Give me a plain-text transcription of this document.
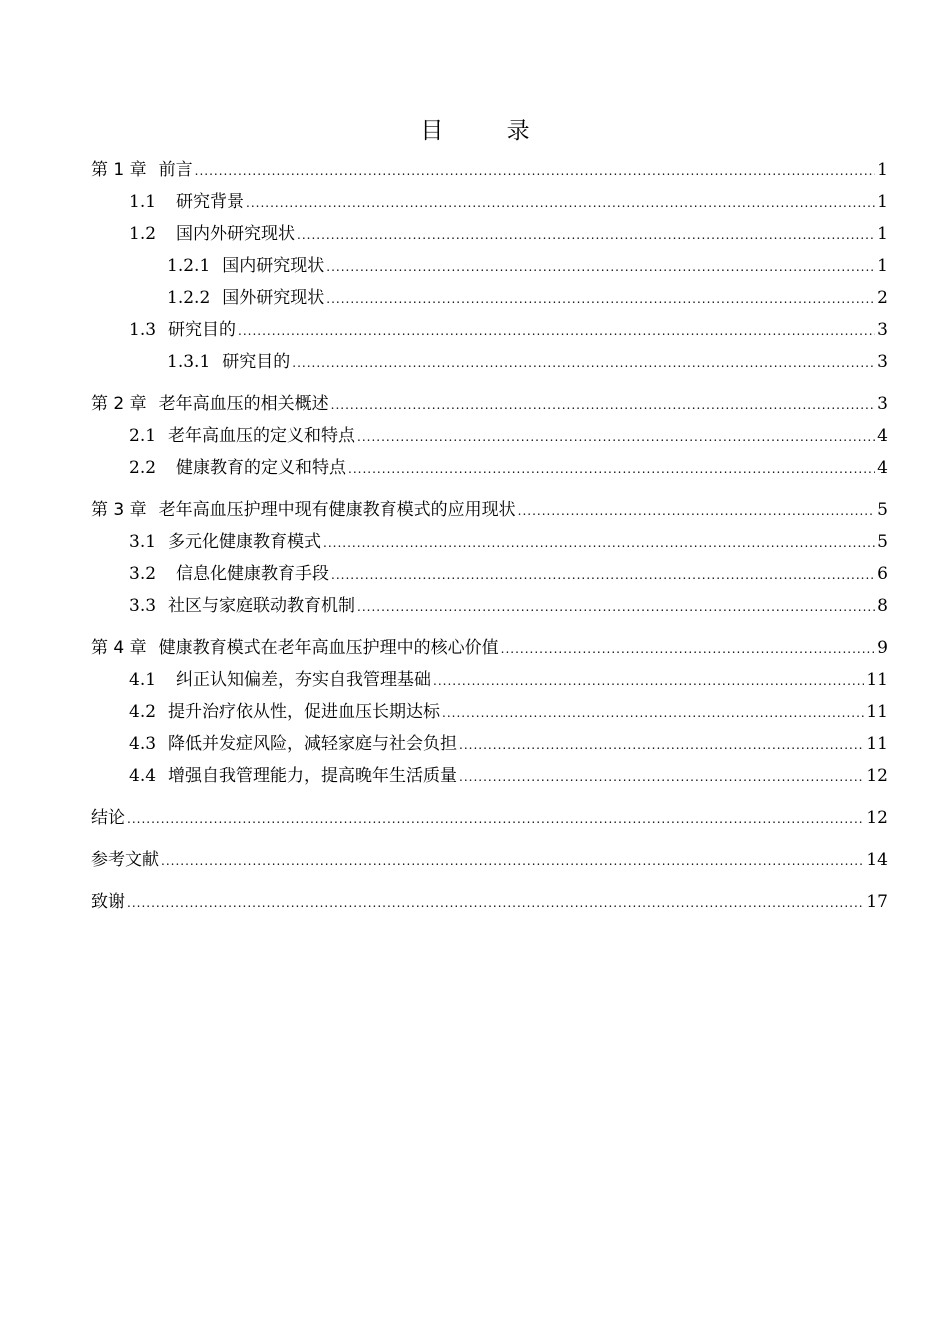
目 录
第 1 章 前言 .....	1
1.1 研究背景 .....	1
1.2 国内外研究现状 .....	1
1.2.1 国内研究现状 .....	1
1.2.2 国外研究现状 .....	2
1.3 研究目的 .....	3
1.3.1 研究目的 .....	3
第 2 章 老年高血压的相关概述 .....	3
2.1 老年高血压的定义和特点 .....	4
2.2 健康教育的定义和特点 .....	4
第 3 章 老年高血压护理中现有健康教育模式的应用现状 .....	5
3.1 多元化健康教育模式 .....	5
3.2 信息化健康教育手段 .....	6
3.3 社区与家庭联动教育机制 .....	8
第 4 章 健康教育模式在老年高血压护理中的核心价值 .....	9
4.1 纠正认知偏差，夯实自我管理基础 .....	11
4.2 提升治疗依从性，促进血压长期达标 .....	11
4.3 降低并发症风险，减轻家庭与社会负担 .....	11
4.4 增强自我管理能力，提高晚年生活质量 .....	12
结论 .....	12
参考文献 .....	14
致谢 .....	17
